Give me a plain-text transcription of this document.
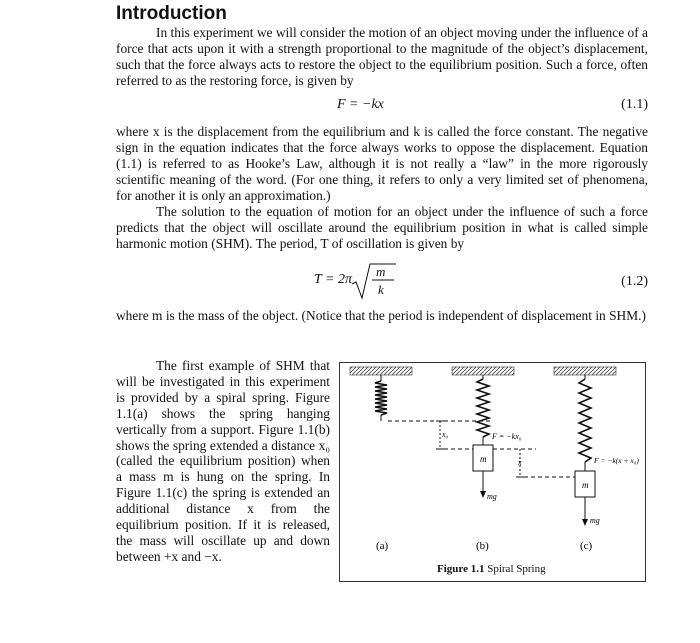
Introduction

In this experiment we will consider the motion of an object moving under the influence of a force that acts upon it with a strength proportional to the magnitude of the object’s displacement, such that the force always acts to restore the object to the equilibrium position. Such a force, often referred to as the restoring force, is given by

F = −kx	(1.1)

where x is the displacement from the equilibrium and k is called the force constant. The negative sign in the equation indicates that the force always works to oppose the displacement. Equation (1.1) is referred to as Hooke’s Law, although it is not really a “law” in the more rigorously scientific meaning of the word. (For one thing, it refers to only a very limited set of phenomena, for another it is only an approximation.)

The solution to the equation of motion for an object under the influence of such a force predicts that the object will oscillate around the equilibrium position in what is called simple harmonic motion (SHM). The period, T of oscillation is given by

T = 2π
m
k
(1.2)

where m is the mass of the object. (Notice that the period is independent of displacement in SHM.)

The first example of SHM that will be investigated in this experiment is provided by a spiral spring. Figure 1.1(a) shows the spring hanging vertically from a support. Figure 1.1(b) shows the spring extended a distance x₀ (called the equilibrium position) when a mass m is hung on the spring. In Figure 1.1(c) the spring is extended an additional distance x from the equilibrium position. If it is released, the mass will oscillate up and down between +x and −x.

m
mg
x₀	F = −kx₀
x
m
mg
F = −k(x + x₀)
(a)	(b)	(c)
Figure 1.1 Spiral Spring
